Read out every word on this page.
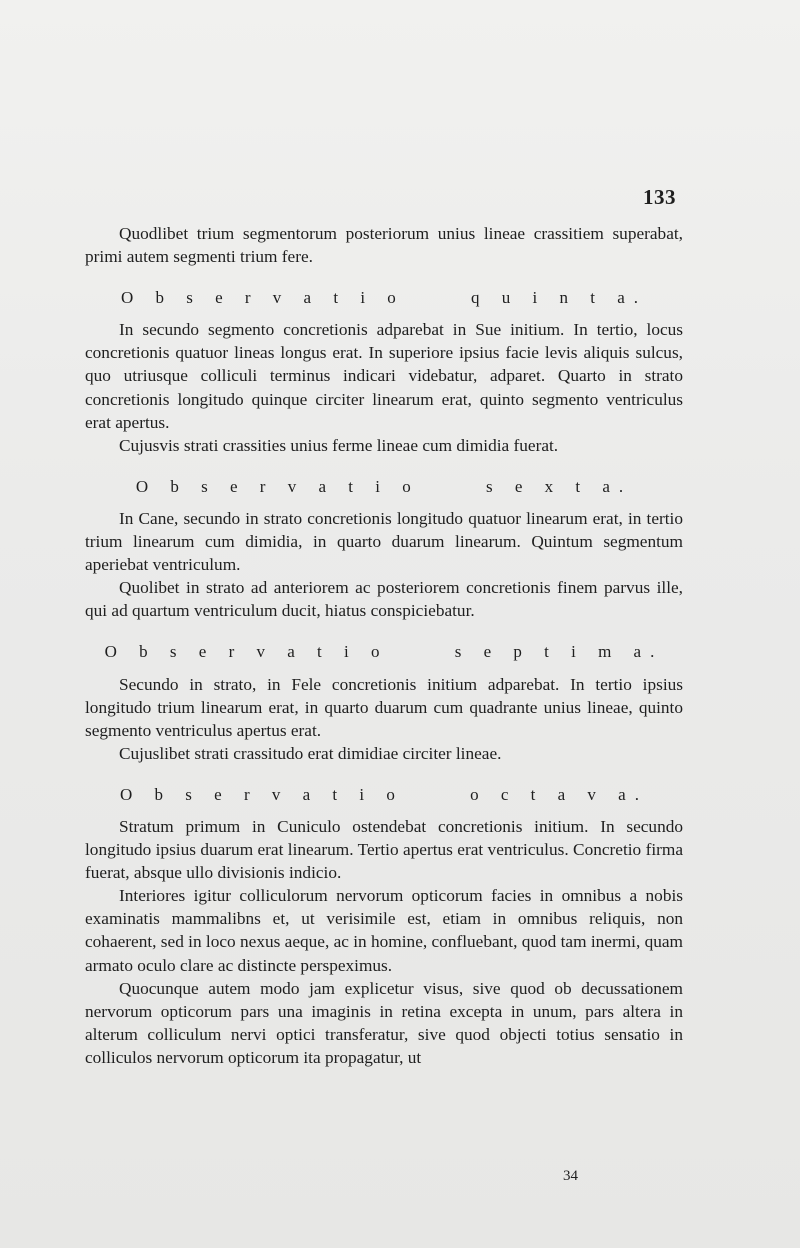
133

Quodlibet trium segmentorum posteriorum unius lineae crassitiem superabat, primi autem segmenti trium fere.

O b s e r v a t i o     q u i n t a.

In secundo segmento concretionis adparebat in Sue initium. In tertio, locus concretionis quatuor lineas longus erat. In superiore ipsius facie levis aliquis sulcus, quo utriusque colliculi terminus indicari videbatur, adparet. Quarto in strato concretionis longitudo quinque circiter linearum erat, quinto segmento ventriculus erat apertus.

Cujusvis strati crassities unius ferme lineae cum dimidia fuerat.

O b s e r v a t i o     s e x t a.

In Cane, secundo in strato concretionis longitudo quatuor linearum erat, in tertio trium linearum cum dimidia, in quarto duarum linearum. Quintum segmentum aperiebat ventriculum.

Quolibet in strato ad anteriorem ac posteriorem concretionis finem parvus ille, qui ad quartum ventriculum ducit, hiatus conspiciebatur.

O b s e r v a t i o     s e p t i m a.

Secundo in strato, in Fele concretionis initium adparebat. In tertio ipsius longitudo trium linearum erat, in quarto duarum cum quadrante unius lineae, quinto segmento ventriculus apertus erat.

Cujuslibet strati crassitudo erat dimidiae circiter lineae.

O b s e r v a t i o     o c t a v a.

Stratum primum in Cuniculo ostendebat concretionis initium. In secundo longitudo ipsius duarum erat linearum. Tertio apertus erat ventriculus. Concretio firma fuerat, absque ullo divisionis indicio.

Interiores igitur colliculorum nervorum opticorum facies in omnibus a nobis examinatis mammalibns et, ut verisimile est, etiam in omnibus reliquis, non cohaerent, sed in loco nexus aeque, ac in homine, confluebant, quod tam inermi, quam armato oculo clare ac distincte perspeximus.

Quocunque autem modo jam explicetur visus, sive quod ob decussationem nervorum opticorum pars una imaginis in retina excepta in unum, pars altera in alterum colliculum nervi optici transferatur, sive quod objecti totius sensatio in colliculos nervorum opticorum ita propagatur, ut

34
